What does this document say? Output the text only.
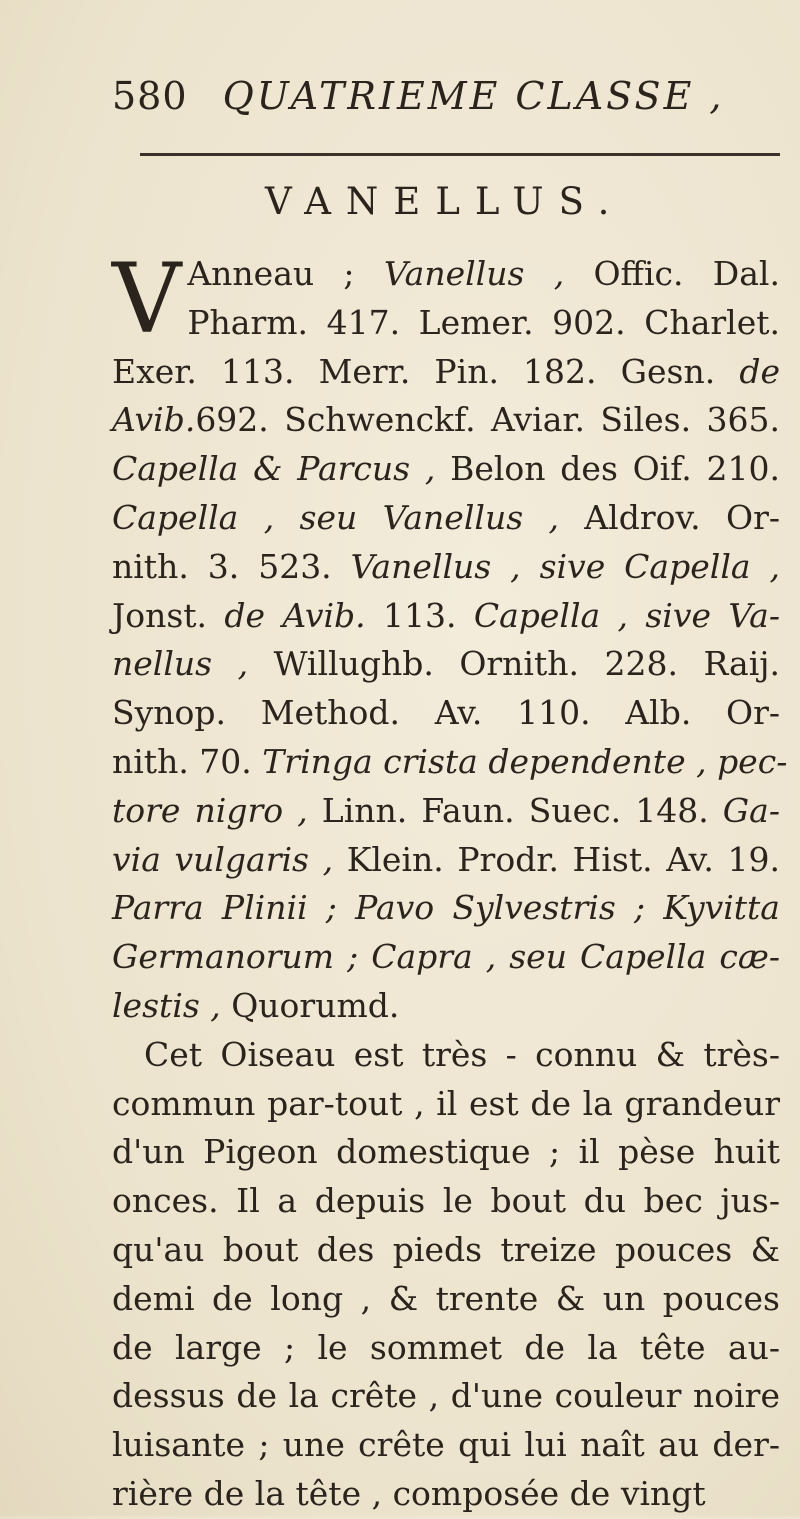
580 QUATRIEME CLASSE ,
VANELLUS.
V Anneau ; Vanellus , Offic. Dal.
Pharm. 417. Lemer. 902. Charlet.
Exer. 113. Merr. Pin. 182. Gesn. de
Avib.692. Schwenckf. Aviar. Siles. 365.
Capella & Parcus , Belon des Oif. 210.
Capella , seu Vanellus , Aldrov. Or-
nith. 3. 523. Vanellus , sive Capella ,
Jonst. de Avib. 113. Capella , sive Va-
nellus , Willughb. Ornith. 228. Raij.
Synop. Method. Av. 110. Alb. Or-
nith. 70. Tringa crista dependente , pec-
tore nigro , Linn. Faun. Suec. 148. Ga-
via vulgaris , Klein. Prodr. Hist. Av. 19.
Parra Plinii ; Pavo Sylvestris ; Kyvitta
Germanorum ; Capra , seu Capella cæ-
lestis , Quorumd.
Cet Oiseau est très - connu & très-
commun par-tout , il est de la grandeur
d'un Pigeon domestique ; il pèse huit
onces. Il a depuis le bout du bec jus-
qu'au bout des pieds treize pouces &
demi de long , & trente & un pouces
de large ; le sommet de la tête au-
dessus de la crête , d'une couleur noire
luisante ; une crête qui lui naît au der-
rière de la tête , composée de vingt
